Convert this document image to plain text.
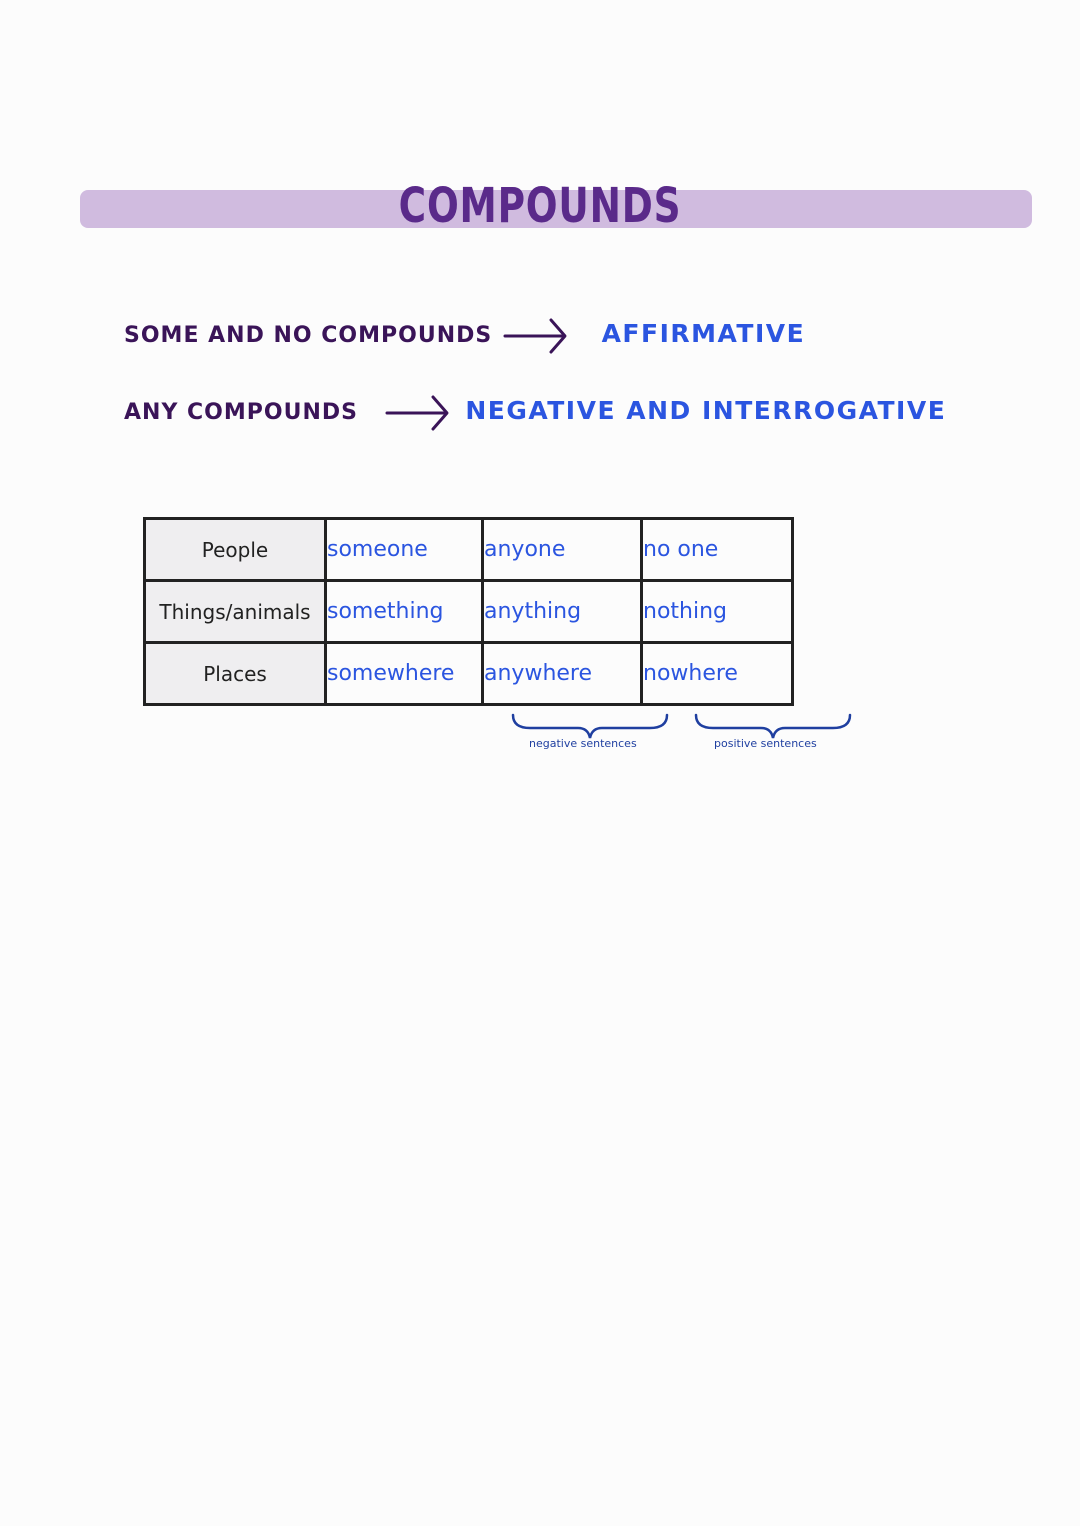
COMPOUNDS
SOME AND NO COMPOUNDS	AFFIRMATIVE
ANY COMPOUNDS	NEGATIVE AND INTERROGATIVE
People	someone	anyone	no one
Things/animals	something	anything	nothing
Places	somewhere	anywhere	nowhere
negative sentences	positive sentences
